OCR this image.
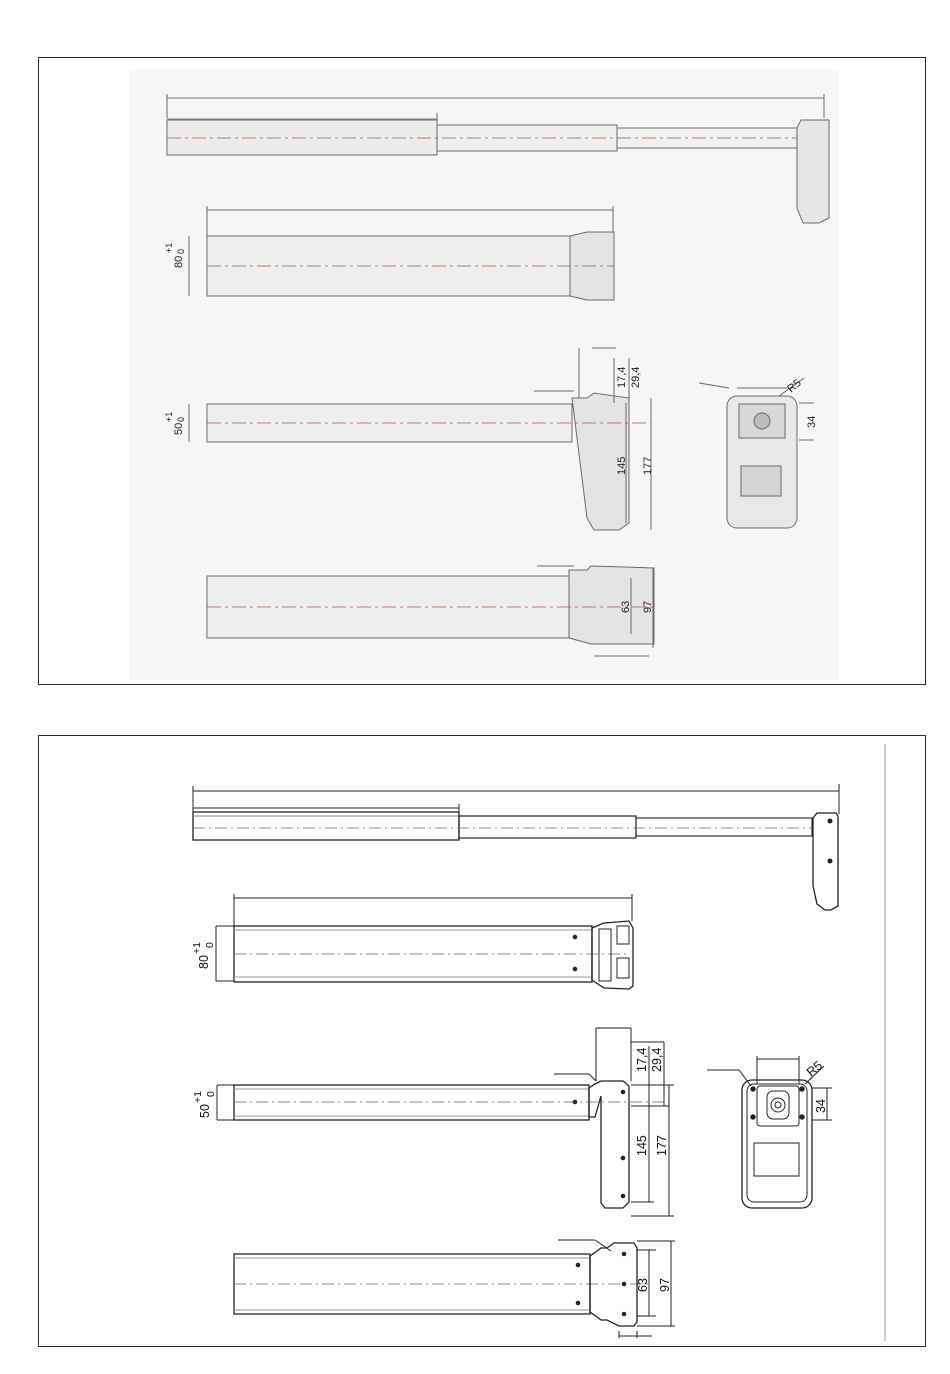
80
+1 0
50
+1 0
17,4 29,4
145 177
R5
34
63 97
80
+1 0
50
+1 0
17,4 29,4
145 177
R5
34
63 97
